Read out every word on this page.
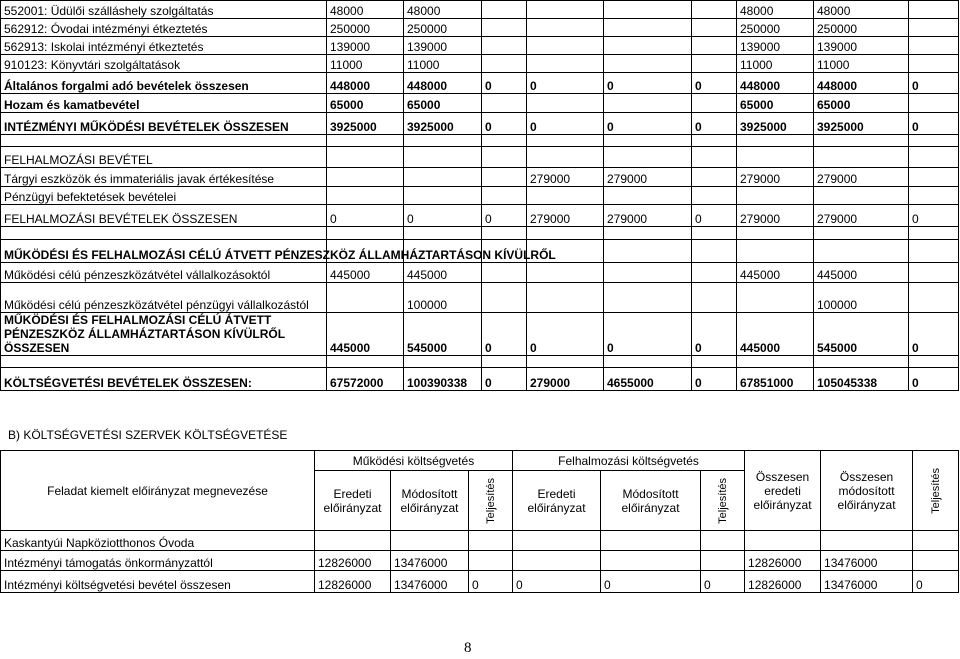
552001: Üdülői szálláshely szolgáltatás	48000	48000					48000	48000	
562912: Óvodai intézményi étkeztetés	250000	250000					250000	250000	
562913: Iskolai intézményi étkeztetés	139000	139000					139000	139000	
910123: Könyvtári szolgáltatások	11000	11000					11000	11000	
Általános forgalmi adó bevételek összesen	448000	448000	0	0	0	0	448000	448000	0
Hozam és kamatbevétel	65000	65000					65000	65000	
INTÉZMÉNYI MŰKÖDÉSI BEVÉTELEK ÖSSZESEN	3925000	3925000	0	0	0	0	3925000	3925000	0

FELHALMOZÁSI BEVÉTEL									
Tárgyi eszközök és immateriális javak értékesítése				279000	279000		279000	279000	
Pénzügyi befektetések bevételei									
FELHALMOZÁSI BEVÉTELEK ÖSSZESEN	0	0	0	279000	279000	0	279000	279000	0

MŰKÖDÉSI ÉS FELHALMOZÁSI CÉLÚ ÁTVETT PÉNZESZKÖZ ÁLLAMHÁZTARTÁSON KÍVÜLRŐL									
Működési célú pénzeszközátvétel vállalkozásoktól	445000	445000					445000	445000	
Működési célú pénzeszközátvétel pénzügyi vállalkozástól		100000						100000	
MŰKÖDÉSI ÉS FELHALMOZÁSI CÉLÚ ÁTVETT PÉNZESZKÖZ ÁLLAMHÁZTARTÁSON KÍVÜLRŐL ÖSSZESEN	445000	545000	0	0	0	0	445000	545000	0

KÖLTSÉGVETÉSI BEVÉTELEK ÖSSZESEN:	67572000	100390338	0	279000	4655000	0	67851000	105045338	0
B) KÖLTSÉGVETÉSI SZERVEK KÖLTSÉGVETÉSE
Feladat kiemelt előirányzat megnevezése	Működési költségvetés			Felhalmozási költségvetés			Összesen eredeti előirányzat	Összesen módosított előirányzat	Teljesítés

	Eredeti előirányzat	Módosított előirányzat	Teljesítés	Eredeti előirányzat	Módosított előirányzat	Teljesítés			

Kaskantyúi Napköziotthonos Óvoda									
Intézményi támogatás önkormányzattól	12826000	13476000					12826000	13476000	
Intézményi költségvetési bevétel összesen	12826000	13476000	0	0	0	0	12826000	13476000	0
8
